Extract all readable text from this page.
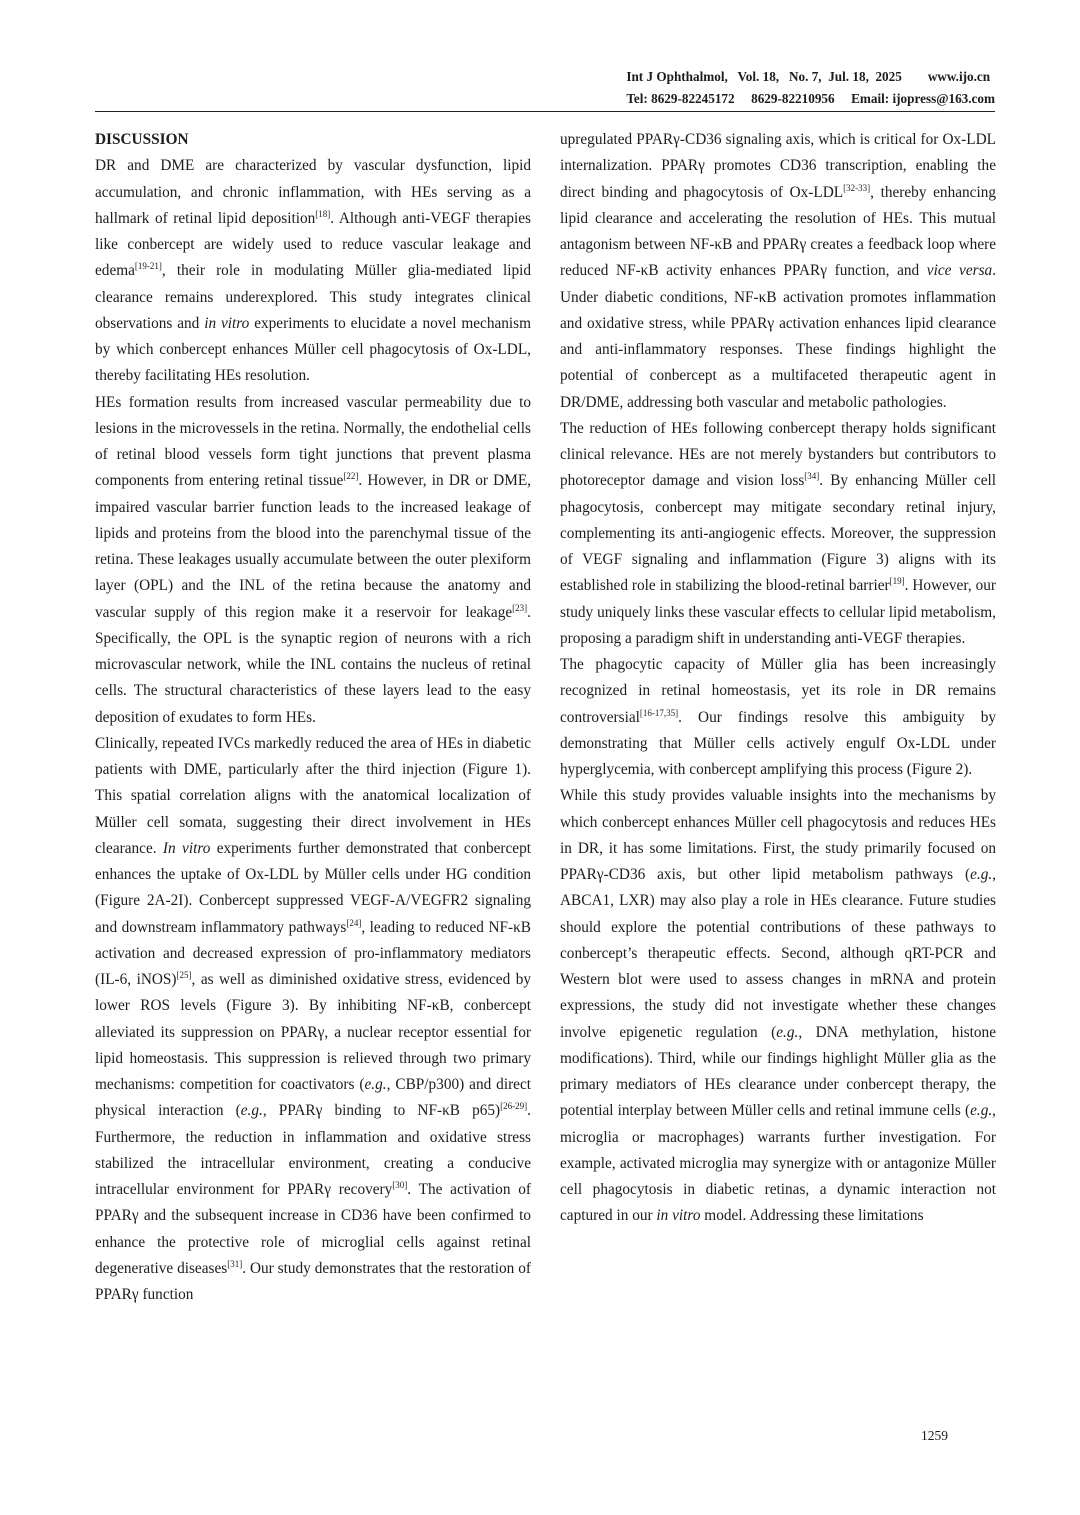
Int J Ophthalmol,   Vol. 18,   No. 7,  Jul. 18,  2025 www.ijo.cn
Tel: 8629-82245172     8629-82210956     Email: ijopress@163.com

DISCUSSION

DR and DME are characterized by vascular dysfunction, lipid accumulation, and chronic inflammation, with HEs serving as a hallmark of retinal lipid deposition[18]. Although anti-VEGF therapies like conbercept are widely used to reduce vascular leakage and edema[19-21], their role in modulating Müller glia-mediated lipid clearance remains underexplored. This study integrates clinical observations and in vitro experiments to elucidate a novel mechanism by which conbercept enhances Müller cell phagocytosis of Ox-LDL, thereby facilitating HEs resolution.

HEs formation results from increased vascular permeability due to lesions in the microvessels in the retina. Normally, the endothelial cells of retinal blood vessels form tight junctions that prevent plasma components from entering retinal tissue[22]. However, in DR or DME, impaired vascular barrier function leads to the increased leakage of lipids and proteins from the blood into the parenchymal tissue of the retina. These leakages usually accumulate between the outer plexiform layer (OPL) and the INL of the retina because the anatomy and vascular supply of this region make it a reservoir for leakage[23]. Specifically, the OPL is the synaptic region of neurons with a rich microvascular network, while the INL contains the nucleus of retinal cells. The structural characteristics of these layers lead to the easy deposition of exudates to form HEs.

Clinically, repeated IVCs markedly reduced the area of HEs in diabetic patients with DME, particularly after the third injection (Figure 1). This spatial correlation aligns with the anatomical localization of Müller cell somata, suggesting their direct involvement in HEs clearance. In vitro experiments further demonstrated that conbercept enhances the uptake of Ox-LDL by Müller cells under HG condition (Figure 2A-2I). Conbercept suppressed VEGF-A/VEGFR2 signaling and downstream inflammatory pathways[24], leading to reduced NF-κB activation and decreased expression of pro-inflammatory mediators (IL-6, iNOS)[25], as well as diminished oxidative stress, evidenced by lower ROS levels (Figure 3). By inhibiting NF-κB, conbercept alleviated its suppression on PPARγ, a nuclear receptor essential for lipid homeostasis. This suppression is relieved through two primary mechanisms: competition for coactivators (e.g., CBP/p300) and direct physical interaction (e.g., PPARγ binding to NF-κB p65)[26-29]. Furthermore, the reduction in inflammation and oxidative stress stabilized the intracellular environment, creating a conducive intracellular environment for PPARγ recovery[30]. The activation of PPARγ and the subsequent increase in CD36 have been confirmed to enhance the protective role of microglial cells against retinal degenerative diseases[31]. Our study demonstrates that the restoration of PPARγ function

upregulated PPARγ-CD36 signaling axis, which is critical for Ox-LDL internalization. PPARγ promotes CD36 transcription, enabling the direct binding and phagocytosis of Ox-LDL[32-33], thereby enhancing lipid clearance and accelerating the resolution of HEs. This mutual antagonism between NF-κB and PPARγ creates a feedback loop where reduced NF-κB activity enhances PPARγ function, and vice versa. Under diabetic conditions, NF-κB activation promotes inflammation and oxidative stress, while PPARγ activation enhances lipid clearance and anti-inflammatory responses. These findings highlight the potential of conbercept as a multifaceted therapeutic agent in DR/DME, addressing both vascular and metabolic pathologies.

The reduction of HEs following conbercept therapy holds significant clinical relevance. HEs are not merely bystanders but contributors to photoreceptor damage and vision loss[34]. By enhancing Müller cell phagocytosis, conbercept may mitigate secondary retinal injury, complementing its anti-angiogenic effects. Moreover, the suppression of VEGF signaling and inflammation (Figure 3) aligns with its established role in stabilizing the blood-retinal barrier[19]. However, our study uniquely links these vascular effects to cellular lipid metabolism, proposing a paradigm shift in understanding anti-VEGF therapies.

The phagocytic capacity of Müller glia has been increasingly recognized in retinal homeostasis, yet its role in DR remains controversial[16-17,35]. Our findings resolve this ambiguity by demonstrating that Müller cells actively engulf Ox-LDL under hyperglycemia, with conbercept amplifying this process (Figure 2).

While this study provides valuable insights into the mechanisms by which conbercept enhances Müller cell phagocytosis and reduces HEs in DR, it has some limitations. First, the study primarily focused on PPARγ-CD36 axis, but other lipid metabolism pathways (e.g., ABCA1, LXR) may also play a role in HEs clearance. Future studies should explore the potential contributions of these pathways to conbercept’s therapeutic effects. Second, although qRT-PCR and Western blot were used to assess changes in mRNA and protein expressions, the study did not investigate whether these changes involve epigenetic regulation (e.g., DNA methylation, histone modifications). Third, while our findings highlight Müller glia as the primary mediators of HEs clearance under conbercept therapy, the potential interplay between Müller cells and retinal immune cells (e.g., microglia or macrophages) warrants further investigation. For example, activated microglia may synergize with or antagonize Müller cell phagocytosis in diabetic retinas, a dynamic interaction not captured in our in vitro model. Addressing these limitations

1259
